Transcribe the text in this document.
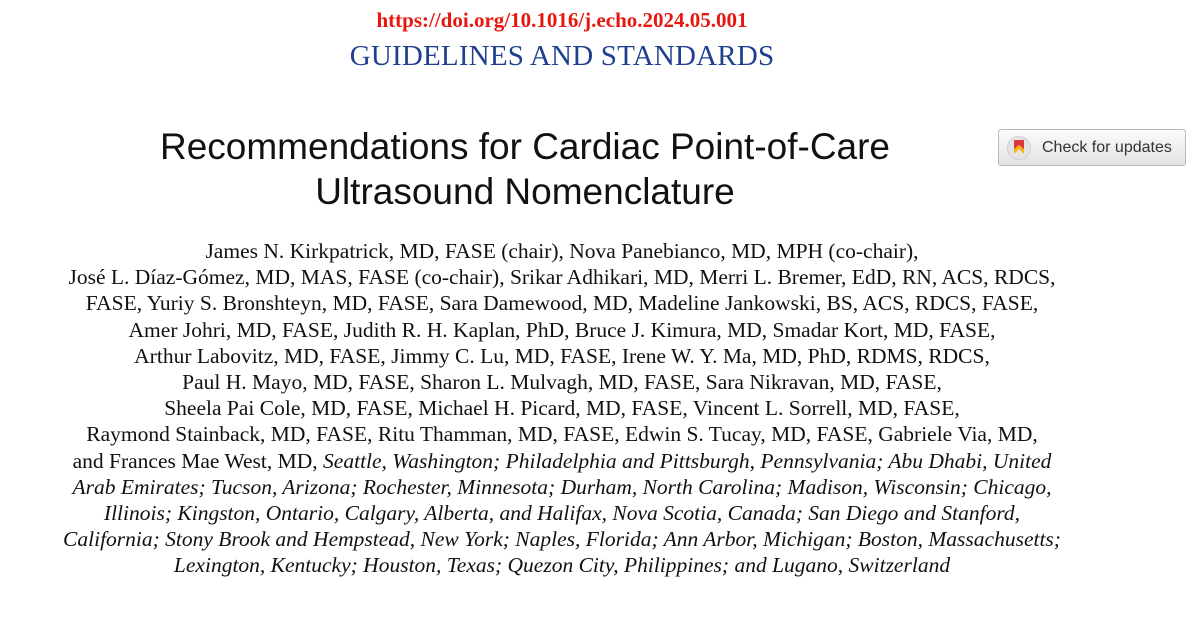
https://doi.org/10.1016/j.echo.2024.05.001
GUIDELINES AND STANDARDS
Recommendations for Cardiac Point-of-Care
Ultrasound Nomenclature
Check for updates
James N. Kirkpatrick, MD, FASE (chair), Nova Panebianco, MD, MPH (co-chair),
José L. Díaz-Gómez, MD, MAS, FASE (co-chair), Srikar Adhikari, MD, Merri L. Bremer, EdD, RN, ACS, RDCS,
FASE, Yuriy S. Bronshteyn, MD, FASE, Sara Damewood, MD, Madeline Jankowski, BS, ACS, RDCS, FASE,
Amer Johri, MD, FASE, Judith R. H. Kaplan, PhD, Bruce J. Kimura, MD, Smadar Kort, MD, FASE,
Arthur Labovitz, MD, FASE, Jimmy C. Lu, MD, FASE, Irene W. Y. Ma, MD, PhD, RDMS, RDCS,
Paul H. Mayo, MD, FASE, Sharon L. Mulvagh, MD, FASE, Sara Nikravan, MD, FASE,
Sheela Pai Cole, MD, FASE, Michael H. Picard, MD, FASE, Vincent L. Sorrell, MD, FASE,
Raymond Stainback, MD, FASE, Ritu Thamman, MD, FASE, Edwin S. Tucay, MD, FASE, Gabriele Via, MD,
and Frances Mae West, MD, Seattle, Washington; Philadelphia and Pittsburgh, Pennsylvania; Abu Dhabi, United
Arab Emirates; Tucson, Arizona; Rochester, Minnesota; Durham, North Carolina; Madison, Wisconsin; Chicago,
Illinois; Kingston, Ontario, Calgary, Alberta, and Halifax, Nova Scotia, Canada; San Diego and Stanford,
California; Stony Brook and Hempstead, New York; Naples, Florida; Ann Arbor, Michigan; Boston, Massachusetts;
Lexington, Kentucky; Houston, Texas; Quezon City, Philippines; and Lugano, Switzerland
